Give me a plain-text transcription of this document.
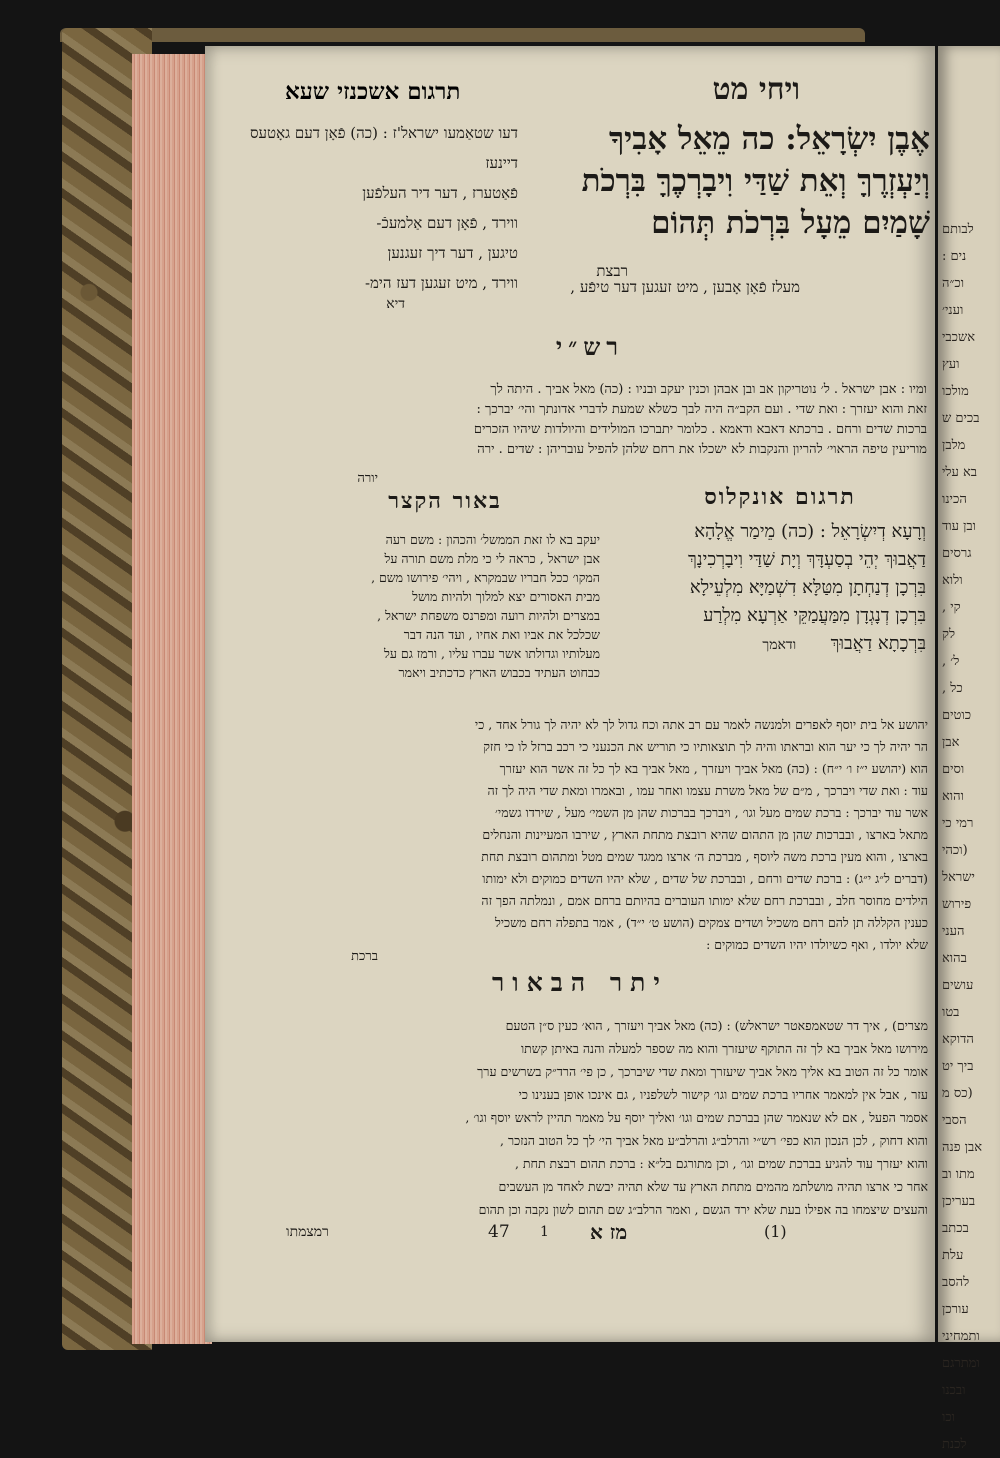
ויחי מט
תרגום אשכנזי שעא
אֶבֶן יִשְׂרָאֵל: כה מֵאֵל אָבִיךָ
וְיַעְזְרֶךָּ וְאֵת שַׁדַּי וִיבָרְכֶךָּ בִּרְכֹת
שָׁמַיִם מֵעָל בִּרְכֹת תְּהוֹם
רבצת
דעו שטאַמעו ישראל'ז : (כה) פֿאָן דעם גאָטעס דיינעז
פֿאַטערז , דער דיר העלפֿען
ווירד , פֿאָן דעם אַלמעכֿ-
טיגען , דער דיך זעגנען
ווירד , מיט זעגען דעז הימ-	מעלז פֿאָן אָבען , מיט זעגען דער טיפֿע ,
דיא
רש״י
ומיו : אבן ישראל . ל׳ נוטריקון אב ובן אבהן וכנין יעקב ובניו : (כה) מאל אביך . היתה לך
זאת והוא יעזרך : ואת שדי . ועם הקב״ה היה לבך כשלא שמעת לדברי אדונתך והי׳ יברכך :
ברכות שדים ורחם . ברכתא דאבא ודאמא . כלומר יתברכו המולידים והיולדות שיהיו הזכרים
מוריעין טיפה הראוי׳ להריון והנקבות לא ישכלו את רחם שלהן להפיל עובריהן : שדים . ירה
יורה
תרגום אונקלוס
באור הקצר
וְרָעָא דְיִשְׂרָאֵל : (כה) מֵימַר אֱלָהָא
דַאֲבוּךְ יְהֵי בְסַעְדָּךְ וְיָת שַׁדַּי וִיבָרְכִינָךְ
בִּרְכָן דְנַחְתָן מִטַּלָּא דִשְׁמַיָּא מִלְעֵילָא
בִּרְכָן דְנָגְדָן מִמַּעֲמַקֵּי אַרְעָא מִלְרַע
בִּרְכָתָא דַאֲבוּךְ      ודאמך
יעקב בא לו זאת הממשל׳ והכהון : משם רעה
אבן ישראל , כראה לי כי מלת משם תורה על
המקו׳ ככל חבריו שבמקרא , ויהי׳ פירושו משם ,
מבית האסורים יצא למלוך ולהיות מושל
במצרים ולהיות רועה ומפרנס משפחת ישראל ,
שכלכל את אביו ואת אחיו , ועד הנה דבר
מעלותיו וגדולתו אשר עברו עליו , ורמז גם על
כבחוט העתיד בכבוש הארץ כדכתיב ויאמר
יהושע אל בית יוסף לאפרים ולמנשה לאמר עם רב אתה וכח גדול לך לא יהיה לך גורל אחד , כי
הר יהיה לך כי יער הוא ובראתו והיה לך תוצאותיו כי תוריש את הכנעני כי רכב ברזל לו כי חזק
הוא (יהושע י״ז ו׳ י״ח) : (כה) מאל אביך ויעזרך , מאל אביך בא לך כל זה אשר הוא יעזרך
עוד : ואת שדי ויברכך , מ״ם של מאל משרת עצמו ואחר עמו , ובאמרו ומאת שדי היה לך זה
אשר עוד יברכך : ברכת שמים מעל וגו׳ , ויברכך בברכות שהן מן השמי׳ מעל , שירדו גשמי׳
מתאל בארצו , ובברכות שהן מן התהום שהיא רובצת מתחת הארץ , שירבו המעיינות והנחלים
בארצו , והוא מעין ברכת משה ליוסף , מברכת ה׳ ארצו ממגד שמים מטל ומתהום רובצת תחת
(דברים ל״ג י״ג) : ברכת שדים ורחם , ובברכת של שדים , שלא יהיו השדים כמוקים ולא ימותו
הילדים מחוסר חלב , ובברכת רחם שלא ימותו העוברים בהיותם ברחם אמם , ונמלתה הפך זה
כענין הקללה תן להם רחם משכיל ושדים צמקים (הושע ט׳ י״ד) , אמר בתפלה רחם משכיל
שלא יולדו , ואף כשיולדו יהיו השדים כמוקים :
ברכת
יתר הבאור
מצרים) , איך דר שטאמפאטר ישראלש) : (כה) מאל אביך ויעזרך , הוא׳ כעין ס״ן הטעם
מירושו מאל אביך בא לך זה התוקף שיעזרך והוא מה שספר למעלה והנה באיתן קשתו
אומר כל זה הטוב בא אליך מאל אביך שיעזרך ומאת שדי שיברכך , כן פי׳ הרד״ק בשרשים ערך
עזר , אבל אין למאמר אחריו ברכת שמים וגו׳ קישור לשלפניו , גם אינכו אופן בענינו כי
אסמר הפעל , אם לא שנאמר שהן בברכת שמים וגו׳ ואליך יוסף על מאמר תהיין לראש יוסף וגו׳ ,
והוא דחוק , לכן הנכון הוא כפי׳ רש״י והרלב״ג והרלב״ע מאל אביך הי׳ לך כל הטוב הנזכר ,
והוא יעזרך עוד להגיע בברכת שמים וגו׳ , וכן מתורגם בל״א : ברכת תהום רבצת תחת ,
אחר כי ארצו תהיה מושלתמ מהמים מתחת הארץ עד שלא תהיה יבשת לאחד מן העשבים
והעצים שיצמחו בה אפילו בעת שלא ירד הגשם , ואמר הרלב״ג שם תהום לשון נקבה וכן תהום
(1)
מז א
1
47
רמצמתו
לבותם
נים :
וכ״ה
ועני׳
אשכבי
ועץ
מולכו
בכים ש
מלבן
בא עלי
הכינו
ובן עוד
גרסים
ולוא
קי ,
לק
ל׳ ,
כל ,
כוטים
אבן
וסים
והוא
רמי כי
(וכהי
ישראל
פירוש
העני
בהוא
עושים
בטו
הדוקא
ביך יט
(כס מ
הסבי
אבן פנה
מתו וב
בעריכן
בכתב
עלת
להסב
עורכן
ותמחיני
ומתרגם
ובכנו
וכו
לכנת
